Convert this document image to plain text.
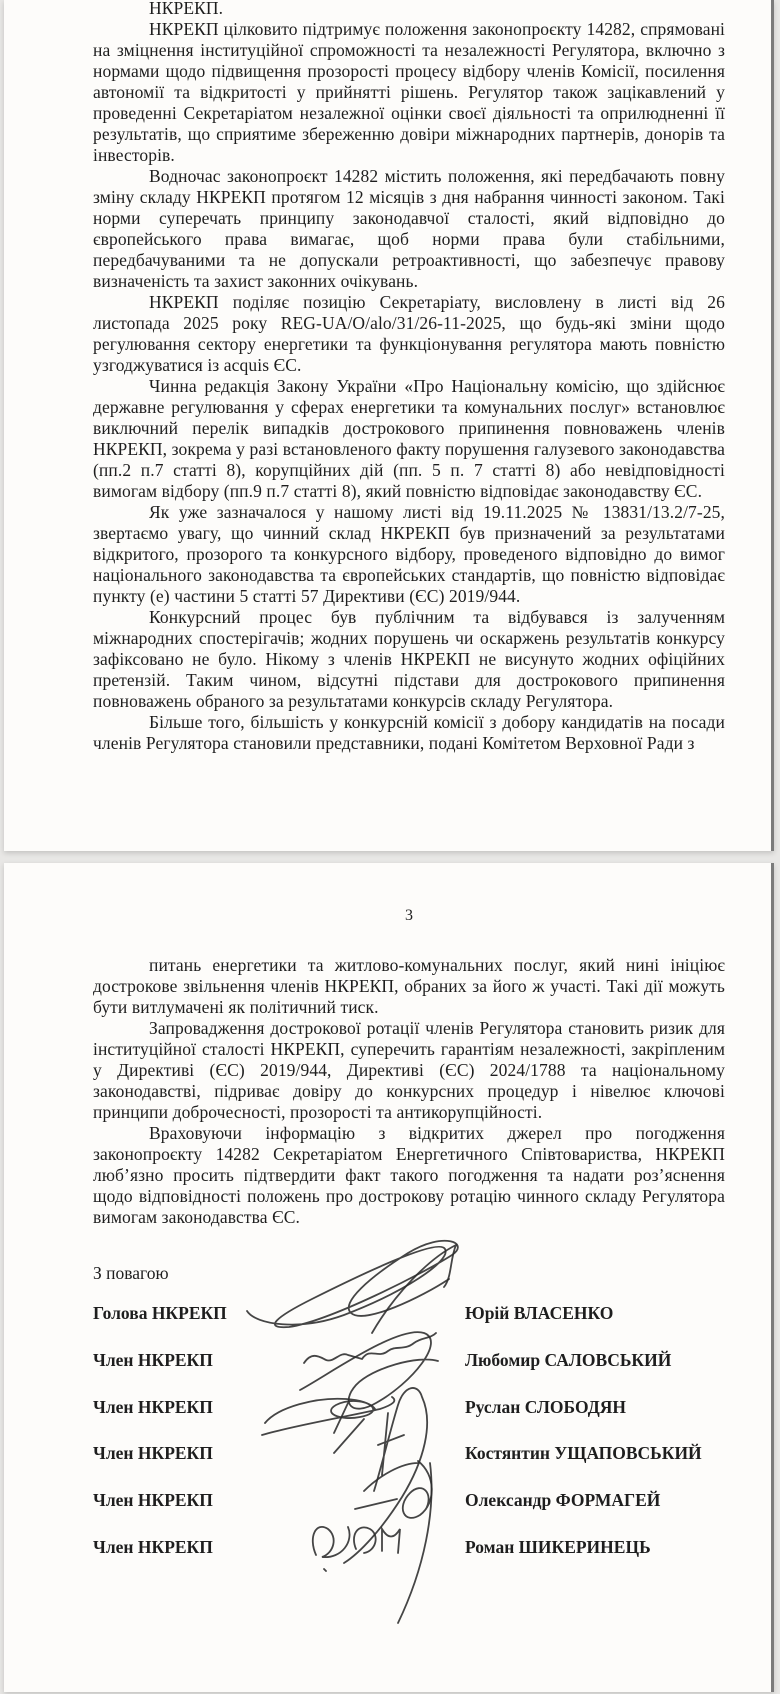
НКРЕКП.

НКРЕКП цілковито підтримує положення законопроєкту 14282, спрямовані на зміцнення інституційної спроможності та незалежності Регулятора, включно з нормами щодо підвищення прозорості процесу відбору членів Комісії, посилення автономії та відкритості у прийнятті рішень. Регулятор також зацікавлений у проведенні Секретаріатом незалежної оцінки своєї діяльності та оприлюдненні її результатів, що сприятиме збереженню довіри міжнародних партнерів, донорів та інвесторів.

Водночас законопроєкт 14282 містить положення, які передбачають повну зміну складу НКРЕКП протягом 12 місяців з дня набрання чинності законом. Такі норми суперечать принципу законодавчої сталості, який відповідно до європейського права вимагає, щоб норми права були стабільними, передбачуваними та не допускали ретроактивності, що забезпечує правову визначеність та захист законних очікувань.

НКРЕКП поділяє позицію Секретаріату, висловлену в листі від 26 листопада 2025 року REG-UA/O/alo/31/26-11-2025, що будь-які зміни щодо регулювання сектору енергетики та функціонування регулятора мають повністю узгоджуватися із acquis ЄС.

Чинна редакція Закону України «Про Національну комісію, що здійснює державне регулювання у сферах енергетики та комунальних послуг» встановлює виключний перелік випадків дострокового припинення повноважень членів НКРЕКП, зокрема у разі встановленого факту порушення галузевого законодавства (пп.2 п.7 статті 8), корупційних дій (пп. 5 п. 7 статті 8) або невідповідності вимогам відбору (пп.9 п.7 статті 8), який повністю відповідає законодавству ЄС.

Як уже зазначалося у нашому листі від 19.11.2025 № 13831/13.2/7-25, звертаємо увагу, що чинний склад НКРЕКП був призначений за результатами відкритого, прозорого та конкурсного відбору, проведеного відповідно до вимог національного законодавства та європейських стандартів, що повністю відповідає пункту (е) частини 5 статті 57 Директиви (ЄС) 2019/944.

Конкурсний процес був публічним та відбувався із залученням міжнародних спостерігачів; жодних порушень чи оскаржень результатів конкурсу зафіксовано не було. Нікому з членів НКРЕКП не висунуто жодних офіційних претензій. Таким чином, відсутні підстави для дострокового припинення повноважень обраного за результатами конкурсів складу Регулятора.

Більше того, більшість у конкурсній комісії з добору кандидатів на посади членів Регулятора становили представники, подані Комітетом Верховної Ради з

3

питань енергетики та житлово-комунальних послуг, який нині ініціює дострокове звільнення членів НКРЕКП, обраних за його ж участі. Такі дії можуть бути витлумачені як політичний тиск.

Запровадження дострокової ротації членів Регулятора становить ризик для інституційної сталості НКРЕКП, суперечить гарантіям незалежності, закріпленим у Директиві (ЄС) 2019/944, Директиві (ЄС) 2024/1788 та національному законодавстві, підриває довіру до конкурсних процедур і нівелює ключові принципи доброчесності, прозорості та антикорупційності.

Враховуючи інформацію з відкритих джерел про погодження законопроєкту 14282 Секретаріатом Енергетичного Співтовариства, НКРЕКП люб’язно просить підтвердити факт такого погодження та надати роз’яснення щодо відповідності положень про дострокову ротацію чинного складу Регулятора вимогам законодавства ЄС.

З повагою
Голова НКРЕКП	Юрій ВЛАСЕНКО
Член НКРЕКП	Любомир САЛОВСЬКИЙ
Член НКРЕКП	Руслан СЛОБОДЯН
Член НКРЕКП	Костянтин УЩАПОВСЬКИЙ
Член НКРЕКП	Олександр ФОРМАГЕЙ
Член НКРЕКП	Роман ШИКЕРИНЕЦЬ
